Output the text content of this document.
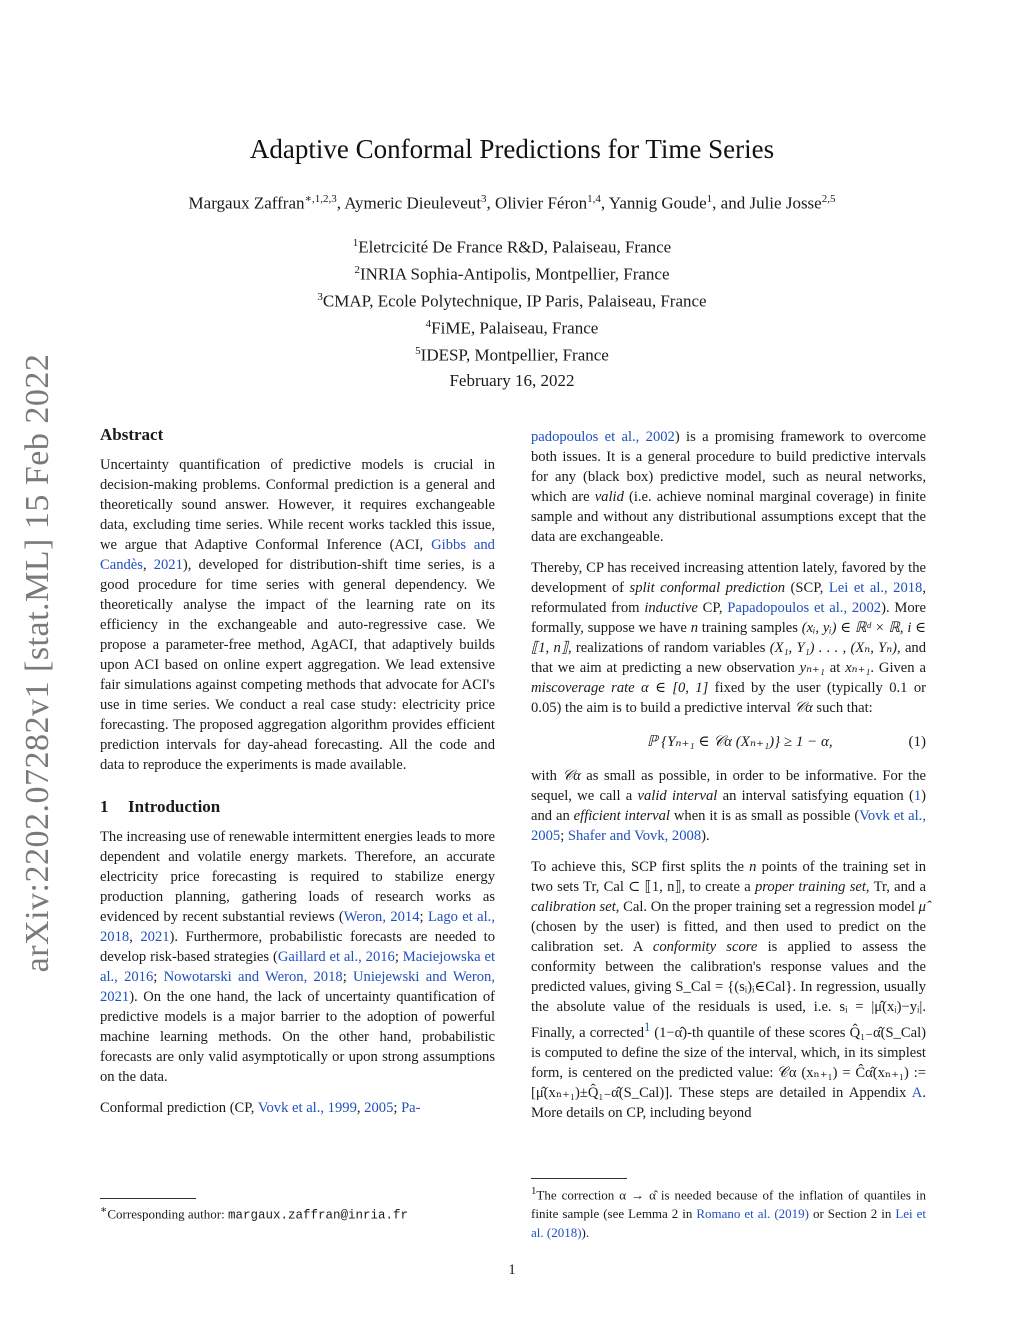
arXiv:2202.07282v1 [stat.ML] 15 Feb 2022
Adaptive Conformal Predictions for Time Series
Margaux Zaffran$^{∗,1,2,3}$, Aymeric Dieuleveut$^3$, Olivier Féron$^{1,4}$, Yannig Goude$^1$, and Julie Josse$^{2,5}$
$^1$Eletrcicité De France R&D, Palaiseau, France
$^2$INRIA Sophia-Antipolis, Montpellier, France
$^3$CMAP, Ecole Polytechnique, IP Paris, Palaiseau, France
$^4$FiME, Palaiseau, France
$^5$IDESP, Montpellier, France
February 16, 2022
Abstract

Uncertainty quantification of predictive models is crucial in decision-making problems. Conformal prediction is a general and theoretically sound answer. However, it requires exchangeable data, excluding time series. While recent works tackled this issue, we argue that Adaptive Conformal Inference (ACI, Gibbs and Candès, 2021), developed for distribution-shift time series, is a good procedure for time series with general dependency. We theoretically analyse the impact of the learning rate on its efficiency in the exchangeable and auto-regressive case. We propose a parameter-free method, AgACI, that adaptively builds upon ACI based on online expert aggregation. We lead extensive fair simulations against competing methods that advocate for ACI's use in time series. We conduct a real case study: electricity price forecasting. The proposed aggregation algorithm provides efficient prediction intervals for day-ahead forecasting. All the code and data to reproduce the experiments is made available.

1 Introduction

The increasing use of renewable intermittent energies leads to more dependent and volatile energy markets. Therefore, an accurate electricity price forecasting is required to stabilize energy production planning, gathering loads of research works as evidenced by recent substantial reviews (Weron, 2014; Lago et al., 2018, 2021). Furthermore, probabilistic forecasts are needed to develop risk-based strategies (Gaillard et al., 2016; Maciejowska et al., 2016; Nowotarski and Weron, 2018; Uniejewski and Weron, 2021). On the one hand, the lack of uncertainty quantification of predictive models is a major barrier to the adoption of powerful machine learning methods. On the other hand, probabilistic forecasts are only valid asymptotically or upon strong assumptions on the data.

Conformal prediction (CP, Vovk et al., 1999, 2005; Pa-

∗Corresponding author: margaux.zaffran@inria.fr

padopoulos et al., 2002) is a promising framework to overcome both issues. It is a general procedure to build predictive intervals for any (black box) predictive model, such as neural networks, which are valid (i.e. achieve nominal marginal coverage) in finite sample and without any distributional assumptions except that the data are exchangeable.

Thereby, CP has received increasing attention lately, favored by the development of split conformal prediction (SCP, Lei et al., 2018, reformulated from inductive CP, Papadopoulos et al., 2002). More formally, suppose we have n training samples (xᵢ, yᵢ) ∈ ℝᵈ × ℝ, i ∈ ⟦1, n⟧, realizations of random variables (X₁, Y₁) . . . , (Xₙ, Yₙ), and that we aim at predicting a new observation yₙ₊₁ at xₙ₊₁. Given a miscoverage rate α ∈ [0, 1] fixed by the user (typically 0.1 or 0.05) the aim is to build a predictive interval 𝒞α such that:

ℙ {Yₙ₊₁ ∈ 𝒞α (Xₙ₊₁)} ≥ 1 − α,	(1)

with 𝒞α as small as possible, in order to be informative. For the sequel, we call a valid interval an interval satisfying equation (1) and an efficient interval when it is as small as possible (Vovk et al., 2005; Shafer and Vovk, 2008).

To achieve this, SCP first splits the n points of the training set in two sets Tr, Cal ⊂ ⟦1, n⟧, to create a proper training set, Tr, and a calibration set, Cal. On the proper training set a regression model μ̂ (chosen by the user) is fitted, and then used to predict on the calibration set. A conformity score is applied to assess the conformity between the calibration's response values and the predicted values, giving S_Cal = {(sᵢ)ᵢ∈Cal}. In regression, usually the absolute value of the residuals is used, i.e. sᵢ = |μ̂(xᵢ)−yᵢ|. Finally, a corrected$^1$ (1−α̂)-th quantile of these scores Q̂₁₋α̂(S_Cal) is computed to define the size of the interval, which, in its simplest form, is centered on the predicted value: 𝒞α (xₙ₊₁) = Ĉα̂(xₙ₊₁) := [μ̂(xₙ₊₁)±Q̂₁₋α̂(S_Cal)]. These steps are detailed in Appendix A. More details on CP, including beyond

$^1$The correction α → α̂ is needed because of the inflation of quantiles in finite sample (see Lemma 2 in Romano et al. (2019) or Section 2 in Lei et al. (2018)).
1
